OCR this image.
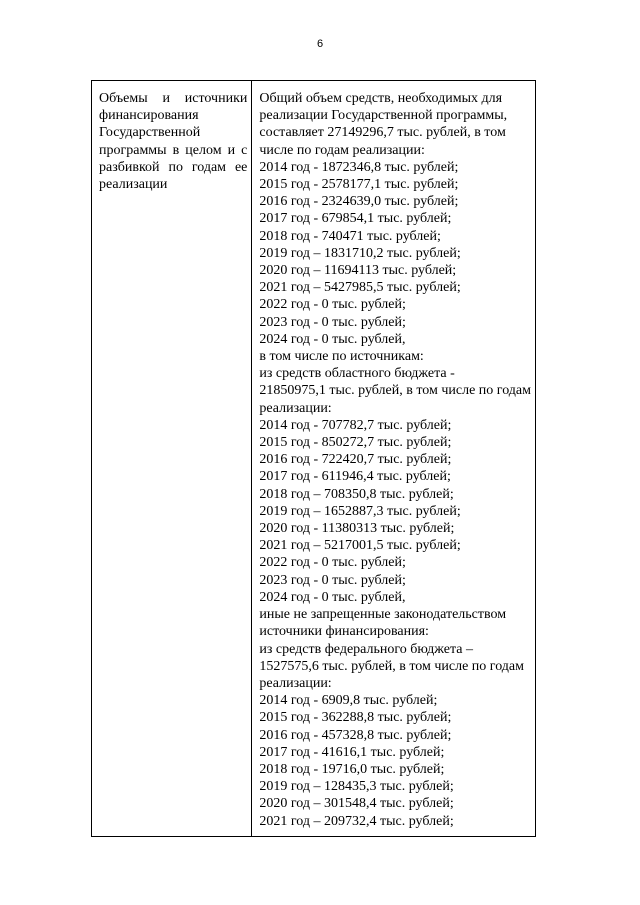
6
Объемы и источники
финансирования
Государственной
программы в целом и с
разбивкой по годам ее
реализации
Общий объем средств, необходимых для
реализации Государственной программы,
составляет 27149296,7 тыс. рублей, в том
числе по годам реализации:
2014 год - 1872346,8 тыс. рублей;
2015 год - 2578177,1 тыс. рублей;
2016 год - 2324639,0 тыс. рублей;
2017 год - 679854,1 тыс. рублей;
2018 год - 740471 тыс. рублей;
2019 год – 1831710,2 тыс. рублей;
2020 год – 11694113 тыс. рублей;
2021 год – 5427985,5 тыс. рублей;
2022 год - 0 тыс. рублей;
2023 год - 0 тыс. рублей;
2024 год - 0 тыс. рублей,
в том числе по источникам:
из средств областного бюджета -
21850975,1 тыс. рублей, в том числе по годам
реализации:
2014 год - 707782,7 тыс. рублей;
2015 год - 850272,7 тыс. рублей;
2016 год - 722420,7 тыс. рублей;
2017 год - 611946,4 тыс. рублей;
2018 год – 708350,8 тыс. рублей;
2019 год – 1652887,3 тыс. рублей;
2020 год - 11380313 тыс. рублей;
2021 год – 5217001,5 тыс. рублей;
2022 год - 0 тыс. рублей;
2023 год - 0 тыс. рублей;
2024 год - 0 тыс. рублей,
иные не запрещенные законодательством
источники финансирования:
из средств федерального бюджета –
1527575,6 тыс. рублей, в том числе по годам
реализации:
2014 год - 6909,8 тыс. рублей;
2015 год - 362288,8 тыс. рублей;
2016 год - 457328,8 тыс. рублей;
2017 год - 41616,1 тыс. рублей;
2018 год - 19716,0 тыс. рублей;
2019 год – 128435,3 тыс. рублей;
2020 год – 301548,4 тыс. рублей;
2021 год – 209732,4 тыс. рублей;
